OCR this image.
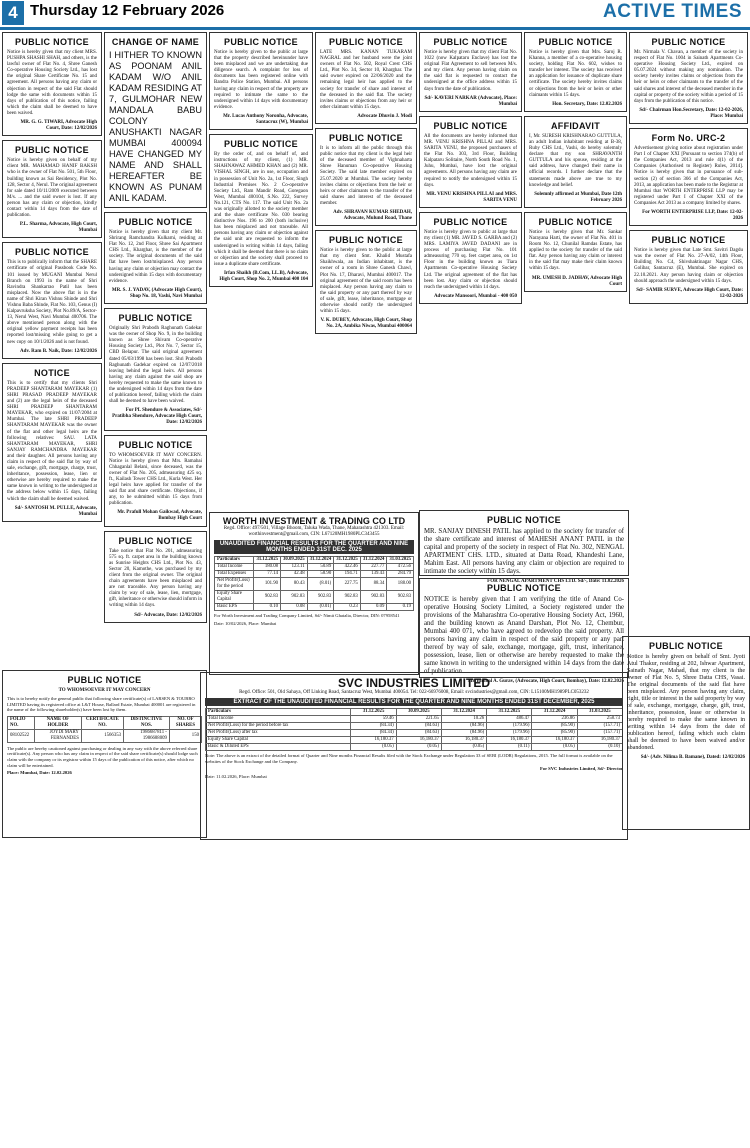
4 Thursday 12 February 2026	ACTIVE TIMES
PUBLIC NOTICE
Notice is hereby given that my client MRS. PUSHPA SHASHI SHAH, and others, is the lawful owner of Flat No. 4, Shree Ganesh Co-operative Housing Society Ltd., has lost the original Share Certificate No. 15 and agreement. All persons having any claim or objection in respect of the said Flat should lodge the same with documents within 15 days of publication of this notice, failing which the claim shall be deemed to have been waived.
MR. G. G. TIWARI, Advocate High Court, Date: 12/02/2026
PUBLIC NOTICE
Notice is hereby given on behalf of my client MR. MAHAMAD HANIF BAKSH who is the owner of Flat No. 501, 5th Floor, building known as Sai Residency, Plot No. 128, Sector 4, Nerul. The original agreement for sale dated 10/11/2009 executed between M/s. ... and the said owner is lost. If any person has any claim or objection, kindly contact within 14 days from the date of publication.
P.L. Sharma, Advocate, High Court, Mumbai
PUBLIC NOTICE
This is to publically inform that the SHARE certificate of original Passbook Code No. 101 issued by MUGANI Mumbai Nerul Branch on 1993 in the name of Shri Ravindra Shankarrao Patil has been misplaced. Now the above flat is in the name of Shri Kiran Vishnu Shinde and Shri Vishnu Baba Shinde, Flat No. 103, Genus (I) Kalpavruksha Society, Plot No.89/A, Sector-13, Nerul West, Navi Mumbai 400706. The above mentioned person along with the original yellow payment receipts has been reported lost/missing while going to get a new copy on 10/1/2026 and is not found.
Adv. Ram B. Naik, Date: 12/02/2026
NOTICE
This is to certify that my clients Shri PRADEEP SHANTARAM MAYEKAR (1) SHRI PRASAD PRADEEP MAYEKAR and (2) are the legal heirs of the deceased SHRI PRADEEP SHANTARAM MAYEKAR, who expired on 11/07/2004 at Mumbai. The late SHRI PRADEEP SHANTARAM MAYEKAR was the owner of the flat and other legal heirs are the following relatives: SAU. LATA SHANTARAM MAYEKAR, SHRI SANJAY RAMCHANDRA MAYEKAR and their daughter. All persons having any claim in respect of the said flat by way of sale, exchange, gift, mortgage, charge, trust, inheritance, possession, lease, lien or otherwise are hereby required to make the same known in writing to the undersigned at the address below within 15 days, failing which the claim shall be deemed waived.
Sd/- SANTOSH M. PULLE, Advocate, Mumbai
CHANGE OF NAME
I HITHER TO KNOWN AS POONAM ANIL KADAM W/O ANIL KADAM RESIDING AT 7, GULMOHAR NEW MANDALA BABU COLONY ANUSHAKTI NAGAR MUMBAI 400094 HAVE CHANGED MY NAME AND SHALL HEREAFTER BE KNOWN AS PUNAM ANIL KADAM.
PUBLIC NOTICE
Notice is hereby given that my client Mr. Shrirang Ramchandra Kulkarni, residing at Flat No. 12, 2nd Floor, Shree Sai Apartment CHS Ltd., Kharghar, is the member of the society. The original documents of the said flat have been lost/misplaced. Any person having any claim or objection may contact the undersigned within 15 days with documentary evidence.
MR. S. J. YADAV, (Advocate High Court), Shop No. 18, Vashi, Navi Mumbai
PUBLIC NOTICE
Originally Shri Prabodh Raghunath Gadekar was the owner of Shop No. 9, in the building known as Shree Shivam Co-operative Housing Society Ltd., Plot No. 7, Sector 15, CBD Belapur. The said original agreement dated 05/03/1998 has been lost. Shri Prabodh Raghunath Gadekar expired on 12/07/2018 leaving behind the legal heirs. All persons having any claim against the said shop are hereby requested to make the same known to the undersigned within 14 days from the date of publication hereof, failing which the claim shall be deemed to have been waived.
For PL Shendure & Associates, Sd/- Pratibha Shendure, Advocate High Court, Date: 12/02/2026
PUBLIC NOTICE
TO WHOMSOEVER IT MAY CONCERN. Notice is hereby given that Mrs. Ramabai Chhaganlal Belani, since deceased, was the owner of Flat No. 205, admeasuring 425 sq. ft., Kailash Tower CHS Ltd., Kurla West. Her legal heirs have applied for transfer of the said flat and share certificate. Objections, if any, to be submitted within 15 days from publication.
Mr. Prafull Mohan Gaikwad, Advocate, Bombay High Court
PUBLIC NOTICE
Take notice that Flat No. 201, admeasuring 575 sq. ft. carpet area in the building known as Sunrise Heights CHS Ltd., Plot No. 43, Sector 20, Kamothe, was purchased by my client from the original owner. The original chain agreements have been misplaced and are not traceable. Any person having any claim by way of sale, lease, lien, mortgage, gift, inheritance or otherwise should inform in writing within 14 days.
Sd/- Advocate, Date: 12/02/2026
PUBLIC NOTICE
Notice is hereby given to the public at large that the property described hereinunder have been misplaced and we are undertaking due diligence search. A complaint for loss of documents has been registered online with Bandra Police Station, Mumbai. All persons having any claim in respect of the property are required to intimate the same to the undersigned within 14 days with documentary evidence.
Mr. Lucas Anthony Noronha, Advocate, Santacruz (W), Mumbai
PUBLIC NOTICE
By the order of, and on behalf of, and instructions of my client, (1) MR. SHAHNAWAZ AHMED KHAN and (2) MR. VISHAL SINGH, are in use, occupation and in possession of Unit No. 2a, 1st Floor, Singh Industrial Premises No. 2 Co-operative Society Ltd., Ram Mandir Road, Goregaon West, Mumbai 400104, S.No. 222, Survey No.121, CTS No. 117. The said Unit No. 2a was originally allotted to the society member and the share certificate No. 030 bearing distinctive Nos. 196 to 200 (both inclusive) has been misplaced and not traceable. All persons having any claim or objection against the said unit are requested to inform the undersigned in writing within 14 days, failing which it shall be deemed that there is no claim or objection and the society shall proceed to issue a duplicate share certificate.
Irfan Shaikh (B.Com, LL.B), Advocate, High Court, Shop No. 2, Mumbai 400 104
PUBLIC NOTICE
LATE MRS. KANAN TUKARAM NAGRAL and her husband were the joint owners of Flat No. 502, Royal Crest CHS Ltd., Plot No. 34, Sector 10, Kharghar. The said owner expired on 22/06/2020 and the remaining legal heir has applied to the society for transfer of share and interest of the deceased in the said flat. The society invites claims or objections from any heir or other claimant within 15 days.
Advocate Dhuvin J. Modi
PUBLIC NOTICE
It is to inform all the public through this public notice that my client is the legal heir of the deceased member of Vighnaharta Shree Hanuman Co-operative Housing Society. The said late member expired on 25.07.2020 at Mumbai. The society hereby invites claims or objections from the heir or heirs or other claimants to the transfer of the said shares and interest of the deceased member.
Adv. SHRAVAN KUMAR SHEDAH, Advocate, Mulund Road, Thane
PUBLIC NOTICE
Notice is hereby given to the public at large that my client Smt. Khalid Mustafa Shaikhwala, an Indian inhabitant, is the owner of a room in Shree Ganesh Chawl, Plot No. 17, Dharavi, Mumbai 400017. The original agreement of the said room has been misplaced. Any person having any claim to the said property or any part thereof by way of sale, gift, lease, inheritance, mortgage or otherwise should notify the undersigned within 15 days.
V. K. DUBEY, Advocate, High Court, Shop No. 2A, Ambika Niwas, Mumbai 400064
PUBLIC NOTICE
Notice is hereby given that my client Flat No. 1022 (now Kalpataru Enclave) has lost the original Flat Agreement to sell between M/s. and my client. Any person having claim on the said flat is requested to contact the undersigned at the office address within 15 days from the date of publication.
Sd/- KAVERI NARKAR (Advocate), Place: Mumbai
PUBLIC NOTICE
All the documents are hereby informed that MR. VENU KRISHNA PILLAI and MRS. SARITA VENU, the proposed purchasers of the Flat No. 303, 3rd Floor, Building Kalpataru Solitaire, North South Road No. 1, Juhu, Mumbai, have lost the original agreements. All persons having any claim are required to notify the undersigned within 15 days.
MR. VENU KRISHNA PILLAI and MRS. SARITA VENU
PUBLIC NOTICE
Notice is hereby given to public at large that my client (1) MR. JAVED S. GARBA and (2) MRS. LAMIYA JAVED DADANI are in process of purchasing Flat No. 101 admeasuring 770 sq. feet carpet area, on 1st Floor in the building known as Tiara Apartments Co-operative Housing Society Ltd. The original agreement of the flat has been lost. Any claim or objection should reach the undersigned within 14 days.
Advocate Mansoori, Mumbai - 400 050
PUBLIC NOTICE
Notice is hereby given that Mrs. Saroj R. Khanna, a member of a co-operative housing society, holding Flat No. 602, wishes to transfer her interest. The society has received an application for issuance of duplicate share certificate. The society hereby invites claims or objections from the heir or heirs or other claimants within 15 days.
Hon. Secretary, Date: 12.02.2026
AFFIDAVIT
I, Mr. SURESH KRISHNARAO GUTTULA, an adult Indian inhabitant residing at B-38, Ruby CHS Ltd., Vashi, do hereby solemnly declare that my son SHRAVANTH GUTTULA and his spouse, residing at the said address, have changed their name in official records. I further declare that the statements made above are true to my knowledge and belief.
Solemnly affirmed at Mumbai, Date 12th February 2026
PUBLIC NOTICE
Notice is hereby given that Mr. Sankar Narayana Harti, the owner of Flat No. 401 in Room No. 12, Chunilal Ramdas Estate, has applied to the society for transfer of the said flat. Any person having any claim or interest in the said flat may make their claim known within 15 days.
MR. UMESH D. JADHAV, Advocate High Court
PUBLIC NOTICE
Mr. Nirmala V. Chavan, a member of the society in respect of Flat No. 1004 in Sainath Apartments Co-operative Housing Society Ltd., expired on 05.07.2024 without making any nomination. The society hereby invites claims or objections from the heir or heirs or other claimants to the transfer of the said shares and interest of the deceased member in the capital or property of the society within a period of 15 days from the publication of this notice.
Sd/- Chairman Hon.Secretary, Date: 12-02-2026, Place: Mumbai
Form No. URC-2
Advertisement giving notice about registration under Part I of Chapter XXI [Pursuant to section 374(b) of the Companies Act, 2013 and rule 4(1) of the Companies (Authorised to Register) Rules, 2014]. Notice is hereby given that in pursuance of sub-section (2) of section 366 of the Companies Act, 2013, an application has been made to the Registrar at Mumbai that WORTH ENTERPRISE LLP may be registered under Part I of Chapter XXI of the Companies Act 2013 as a company limited by shares.
For WORTH ENTERPRISE LLP, Date: 12-02-2026
PUBLIC NOTICE
Notice is hereby given that Late Smt. Savitri Dagdu was the owner of Flat No. 27-A/02, 14th Floor, Building No. C4, Shivshaktinagar Nagar CHS, Golibar, Santacruz (E), Mumbai. She expired on 22.10.2021. Any person having claim or objection should approach the undersigned within 15 days.
Sd/- SAMIR SURVE, Advocate High Court, Date: 12-02-2026
PUBLIC NOTICE
MR. SANJAY DINESH PATIL has applied to the society for transfer of the share certificate and interest of MAHESH ANANT PATIL in the capital and property of the society in respect of Flat No. 302, NENGAL APARTMENT CHS. LTD., situated at Datta Road, Khandeshi Lane, Mahim East. All persons having any claim or objection are required to intimate the society within 15 days.
FOR NENGAL APARTMENT CHS LTD. Sd/-, Date: 11.02.2026
PUBLIC NOTICE
NOTICE is hereby given that I am verifying the title of Anand Co-operative Housing Society Limited, a Society registered under the provisions of the Maharashtra Co-operative Housing Society Act, 1960, and the building known as Anand Darshan, Plot No. 12, Chembur, Mumbai 400 071, who have agreed to redevelop the said property. All persons having any claim in respect of the said property or any part thereof by way of sale, exchange, mortgage, gift, trust, inheritance, possession, lease, lien or otherwise are hereby requested to make the same known in writing to the undersigned within 14 days from the date of publication.
Mr. Bhimal A. Gurav, (Advocate, High Court, Bombay), Date: 12.02.2026
WORTH INVESTMENT & TRADING CO LTD
Regd. Office: 497/501, Village Bhoom, Taluka Wada, Thane, Maharashtra 421303. Email: worthinvestment@gmail.com, CIN: L67120MH1980PLC343455
UNAUDITED FINANCIAL RESULTS FOR THE QUARTER AND NINE MONTHS ENDED 31ST DEC. 2025
Particulars	31.12.2025	30.09.2025	31.12.2024	31.12.2025	31.12.2024	31.03.2025
Total Income	180.08	123.11	50.89	422.46	227.77	472.56
Total Expenses	77.14	42.48	58.90	194.71	139.43	284.79
Net Profit/(Loss) for the period	101.90	80.43	(8.01)	227.75	88.34	188.00
Equity Share Capital	902.83	902.83	902.83	902.83	902.83	902.83
Basic EPS	0.10	0.08	(0.01)	0.23	0.09	0.19
For Worth Investment and Trading Company Limited, Sd/- Nimit Ghatalia, Director, DIN: 07958541
Date: 10/02/2026, Place: Mumbai
PUBLIC NOTICE
TO WHOMSOEVER IT MAY CONCERN
This is to hereby notify the general public that following share certificate(s) of LARSEN & TOUBRO LIMITED having its registered office at L&T House, Ballard Estate, Mumbai 400001 are registered in the name of the following shareholder(s) have been lost by them.
FOLIO NO.	NAME OF HOLDER	CERTIFICATE NO.	DISTINCTIVE NOS.	NO. OF SHARES
08102522	JOYDI MARY FERNANDES	1566353	1986687811 - 1986688009	150
The public are hereby cautioned against purchasing or dealing in any way with the above referred share certificate(s). Any person who has any claim in respect of the said share certificate(s) should lodge such claim with the company or its registrar within 15 days of the publication of this notice, after which no claim will be entertained.
Place: Mumbai, Date: 12.02.2026
SVC INDUSTRIES LIMITED
Regd. Office: 501, Old Sahaya, Off Linking Road, Santacruz West, Mumbai 400054. Tel: 022-66976008, Email: svcindustries@gmail.com, CIN: L15100MH1989PLC053232
EXTRACT OF THE UNAUDITED FINANCIAL RESULTS FOR THE QUARTER AND NINE MONTHS ENDED 31ST DECEMBER, 2025
Particulars	31.12.2025	30.09.2025	31.12.2024	31.12.2025	31.12.2024	31.03.2025
Total Income	59.46	221.65	10.26	486.47	236.86	258.73
Net Profit/(Loss) for the period before tax	(84.34)	(84.63)	(84.96)	(179.96)	(85.90)	(157.71)
Net Profit/(Loss) after tax	(84.34)	(84.63)	(84.96)	(179.96)	(85.90)	(157.71)
Equity Share Capital	16,180.37	16,180.37	16,180.37	16,180.37	16,180.37	16,180.37
Basic & Diluted EPS	(0.05)	(0.05)	(0.05)	(0.11)	(0.05)	(0.10)
Note: The above is an extract of the detailed format of Quarter and Nine months Financial Results filed with the Stock Exchange under Regulation 33 of SEBI (LODR) Regulations, 2015. The full format is available on the websites of the Stock Exchange and the Company.
For SVC Industries Limited, Sd/- Director
Date: 11.02.2026, Place: Mumbai
PUBLIC NOTICE
Notice is hereby given on behalf of Smt. Jyoti Atul Thakur, residing at 202, Ishwar Apartment, Sainath Nagar, Mahad, that my client is the owner of Flat No. 5, Shree Datta CHS, Vasai. The original documents of the said flat have been misplaced. Any person having any claim, right, title or interest in the said property by way of sale, exchange, mortgage, charge, gift, trust, inheritance, possession, lease or otherwise is hereby required to make the same known in writing within 14 days from the date of publication hereof, failing which such claim shall be deemed to have been waived and/or abandoned.
Sd/- (Adv. Nilima B. Bamane), Dated: 12/02/2026
